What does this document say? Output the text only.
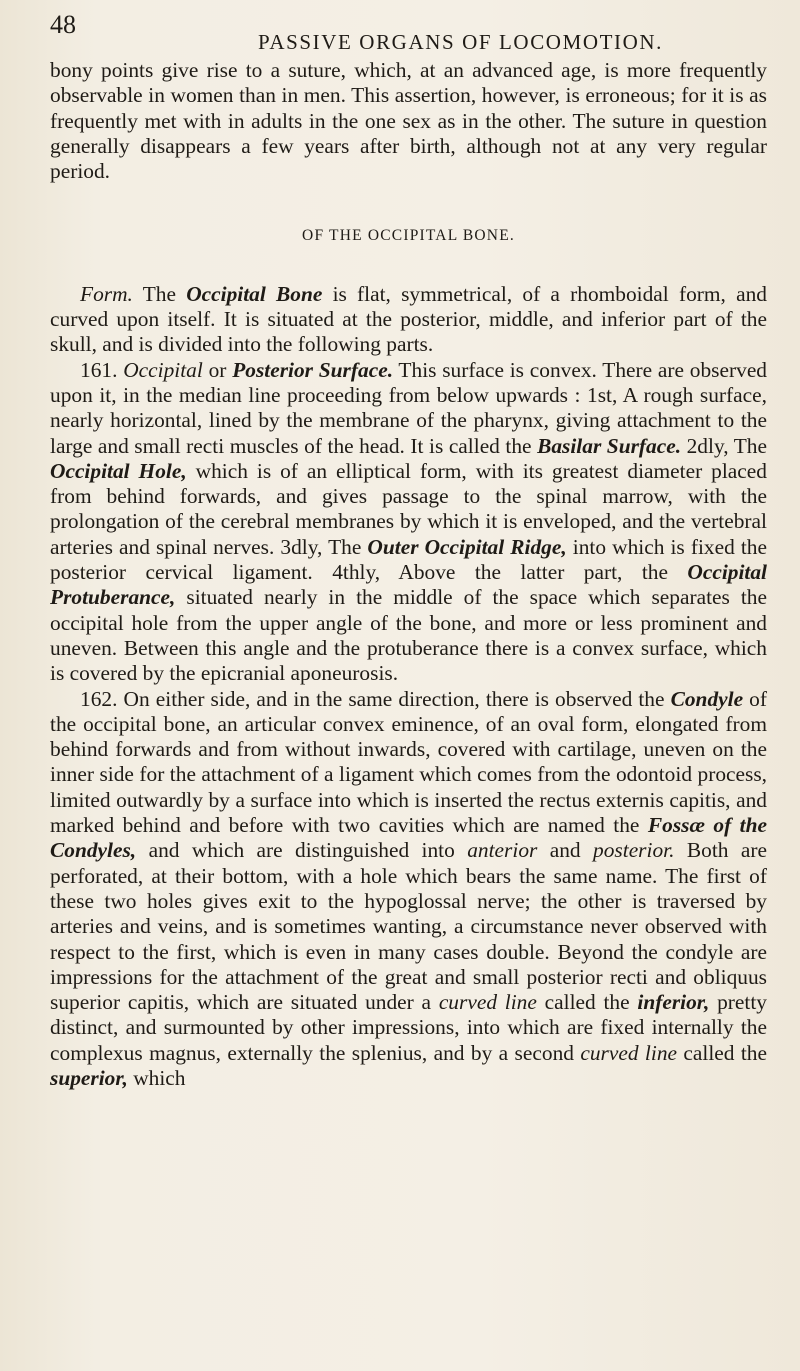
48
PASSIVE ORGANS OF LOCOMOTION.

bony points give rise to a suture, which, at an advanced age, is more frequently observable in women than in men. This assertion, however, is erroneous; for it is as frequently met with in adults in the one sex as in the other. The suture in question generally disappears a few years after birth, although not at any very regular period.

OF THE OCCIPITAL BONE.

Form. The Occipital Bone is flat, symmetrical, of a rhomboidal form, and curved upon itself. It is situated at the posterior, middle, and inferior part of the skull, and is divided into the following parts.

161. Occipital or Posterior Surface. This surface is convex. There are observed upon it, in the median line proceeding from below upwards : 1st, A rough surface, nearly horizontal, lined by the membrane of the pharynx, giving attachment to the large and small recti muscles of the head. It is called the Basilar Surface. 2dly, The Occipital Hole, which is of an elliptical form, with its greatest diameter placed from behind forwards, and gives passage to the spinal marrow, with the prolongation of the cerebral membranes by which it is enveloped, and the vertebral arteries and spinal nerves. 3dly, The Outer Occipital Ridge, into which is fixed the posterior cervical ligament. 4thly, Above the latter part, the Occipital Protuberance, situated nearly in the middle of the space which separates the occipital hole from the upper angle of the bone, and more or less prominent and uneven. Between this angle and the protuberance there is a convex surface, which is covered by the epicranial aponeurosis.

162. On either side, and in the same direction, there is observed the Condyle of the occipital bone, an articular convex eminence, of an oval form, elongated from behind forwards and from without inwards, covered with cartilage, uneven on the inner side for the attachment of a ligament which comes from the odontoid process, limited outwardly by a surface into which is inserted the rectus externis capitis, and marked behind and before with two cavities which are named the Fossæ of the Condyles, and which are distinguished into anterior and posterior. Both are perforated, at their bottom, with a hole which bears the same name. The first of these two holes gives exit to the hypoglossal nerve; the other is traversed by arteries and veins, and is sometimes wanting, a circumstance never observed with respect to the first, which is even in many cases double. Beyond the condyle are impressions for the attachment of the great and small posterior recti and obliquus superior capitis, which are situated under a curved line called the inferior, pretty distinct, and surmounted by other impressions, into which are fixed internally the complexus magnus, externally the splenius, and by a second curved line called the superior, which
